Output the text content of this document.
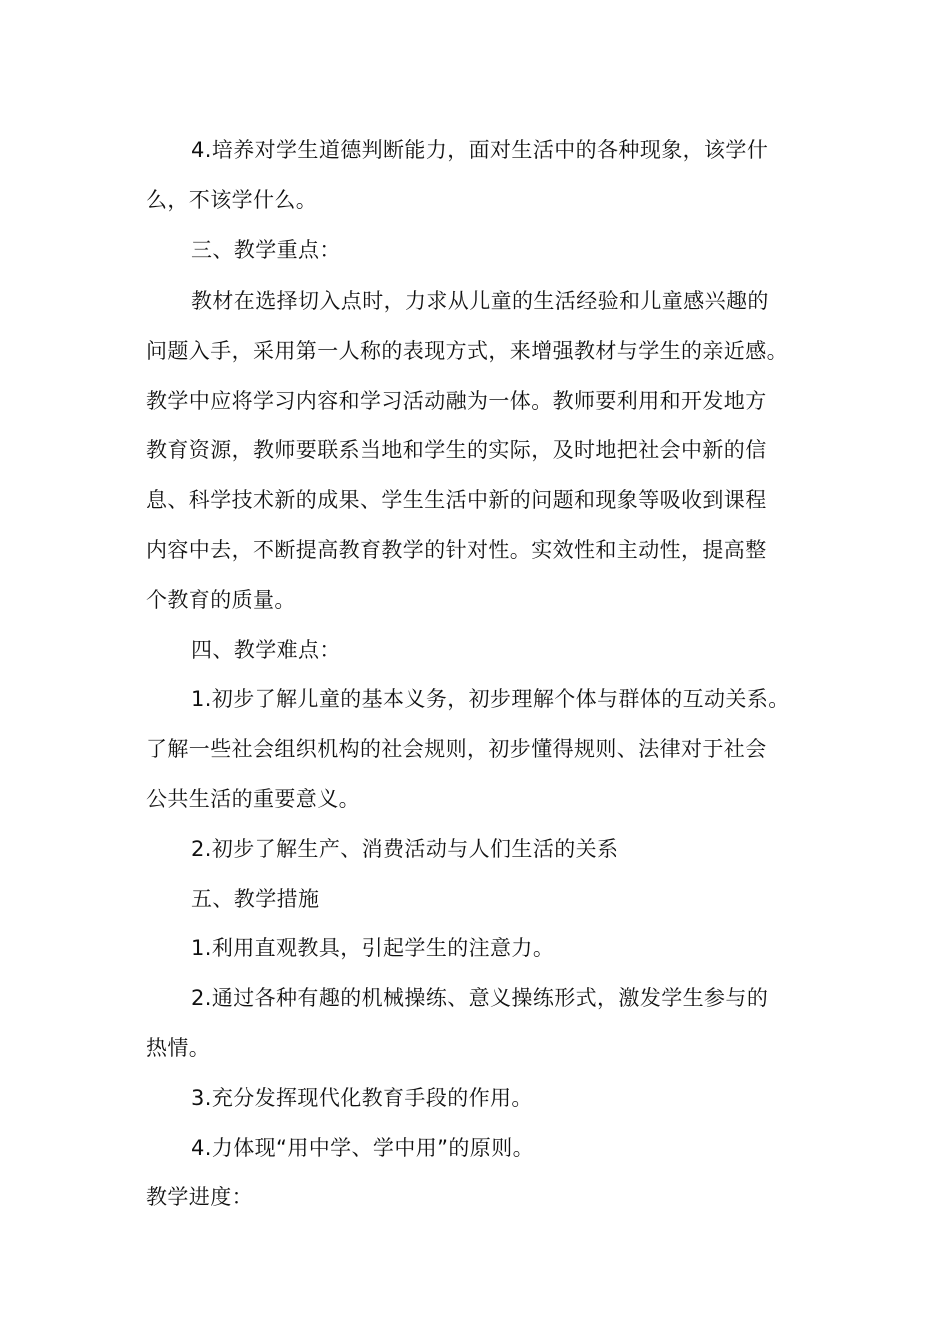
4.培养对学生道德判断能力，面对生活中的各种现象，该学什
么，不该学什么。
三、教学重点：
教材在选择切入点时，力求从儿童的生活经验和儿童感兴趣的
问题入手，采用第一人称的表现方式，来增强教材与学生的亲近感。
教学中应将学习内容和学习活动融为一体。教师要利用和开发地方
教育资源，教师要联系当地和学生的实际，及时地把社会中新的信
息、科学技术新的成果、学生生活中新的问题和现象等吸收到课程
内容中去，不断提高教育教学的针对性。实效性和主动性，提高整
个教育的质量。
四、教学难点：
1.初步了解儿童的基本义务，初步理解个体与群体的互动关系。
了解一些社会组织机构的社会规则，初步懂得规则、法律对于社会
公共生活的重要意义。
2.初步了解生产、消费活动与人们生活的关系
五、教学措施
1.利用直观教具，引起学生的注意力。
2.通过各种有趣的机械操练、意义操练形式，激发学生参与的
热情。
3.充分发挥现代化教育手段的作用。
4.力体现“用中学、学中用”的原则。
教学进度：
